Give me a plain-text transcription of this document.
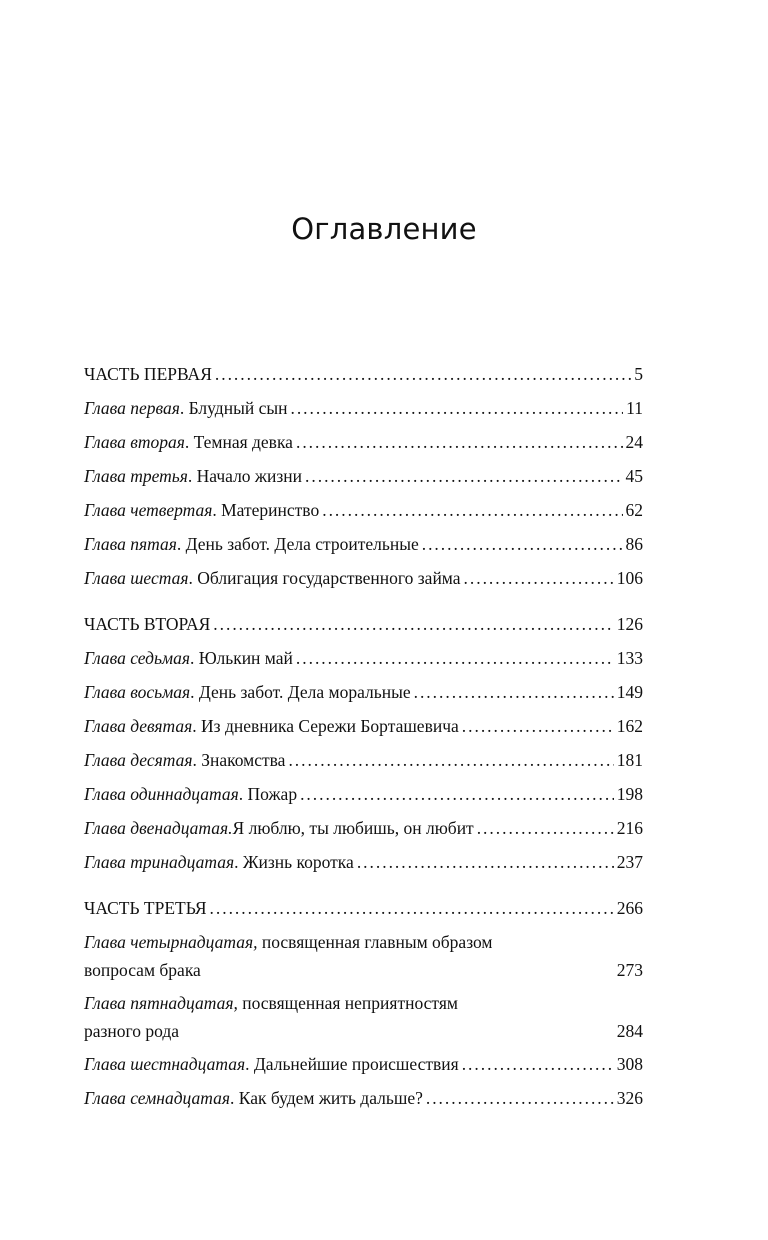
Оглавление
ЧАСТЬ ПЕРВАЯ . . .	5
Глава первая . Блудный сын . . .	11
Глава вторая . Темная девка . . .	24
Глава третья . Начало жизни . . .	45
Глава четвертая . Материнство . . .	62
Глава пятая . День забот. Дела строительные . . .	86
Глава шестая . Облигация государственного займа . . .	106
ЧАСТЬ ВТОРАЯ . . .	126
Глава седьмая . Юлькин май . . .	133
Глава восьмая . День забот. Дела моральные . . .	149
Глава девятая . Из дневника Сережи Борташевича . . .	162
Глава десятая . Знакомства . . .	181
Глава одиннадцатая . Пожар . . .	198
Глава двенадцатая. Я люблю, ты любишь, он любит . . .	216
Глава тринадцатая . Жизнь коротка . . .	237
ЧАСТЬ ТРЕТЬЯ . . .	266
Глава четырнадцатая, посвященная главным образом
вопросам брака	273
Глава пятнадцатая, посвященная неприятностям
разного рода	284
Глава шестнадцатая . Дальнейшие происшествия . . .	308
Глава семнадцатая . Как будем жить дальше? . . .	326
